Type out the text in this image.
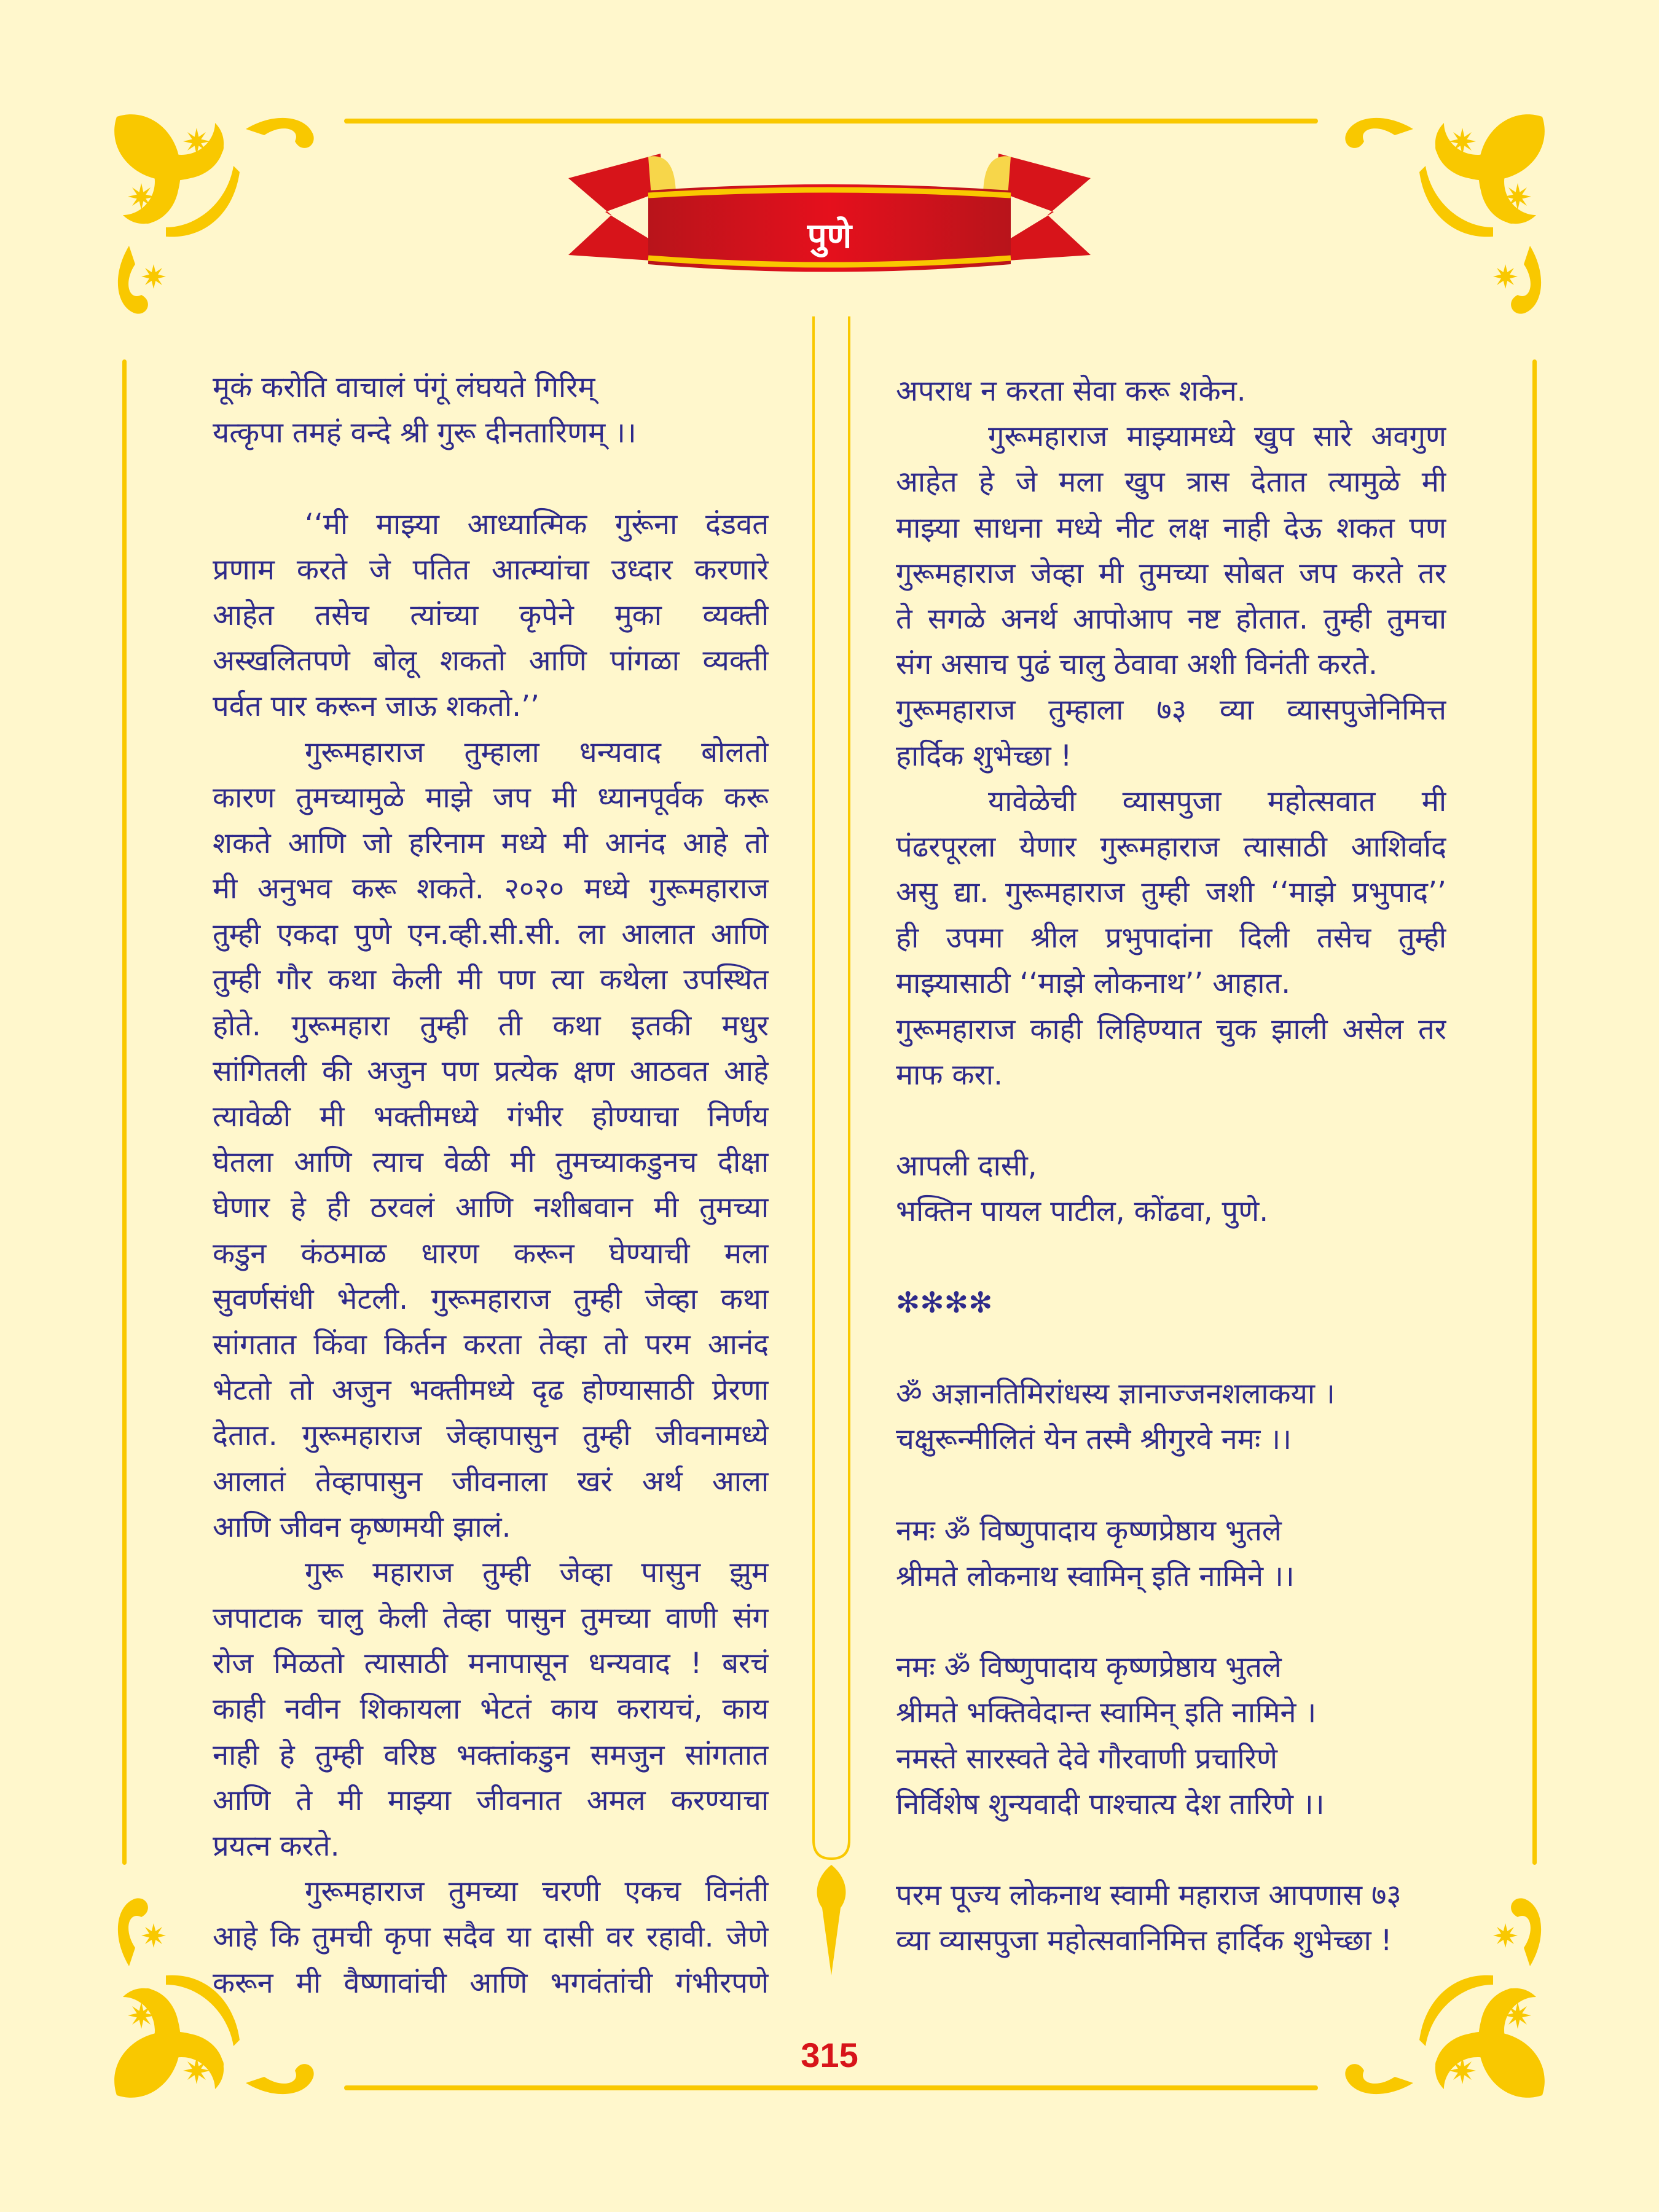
पुणे
मूकं करोति वाचालं पंगूं लंघयते गिरिम्
यत्कृपा तमहं वन्दे श्री गुरू दीनतारिणम् ।।
‘‘मी माझ्या आध्यात्मिक गुरूंना दंडवत
प्रणाम करते जे पतित आत्म्यांचा उध्दार करणारे
आहेत तसेच त्यांच्या कृपेने मुका व्यक्ती
अस्खलितपणे बोलू शकतो आणि पांगळा व्यक्ती
पर्वत पार करून जाऊ शकतो.’’
गुरूमहाराज तुम्हाला धन्यवाद बोलतो
कारण तुमच्यामुळे माझे जप मी ध्यानपूर्वक करू
शकते आणि जो हरिनाम मध्ये मी आनंद आहे तो
मी अनुभव करू शकते. २०२० मध्ये गुरूमहाराज
तुम्ही एकदा पुणे एन.व्ही.सी.सी. ला आलात आणि
तुम्ही गौर कथा केली मी पण त्या कथेला उपस्थित
होते. गुरूमहारा तुम्ही ती कथा इतकी मधुर
सांगितली की अजुन पण प्रत्येक क्षण आठवत आहे
त्यावेळी मी भक्तीमध्ये गंभीर होण्याचा निर्णय
घेतला आणि त्याच वेळी मी तुमच्याकडुनच दीक्षा
घेणार हे ही ठरवलं आणि नशीबवान मी तुमच्या
कडुन कंठमाळ धारण करून घेण्याची मला
सुवर्णसंधी भेटली. गुरूमहाराज तुम्ही जेव्हा कथा
सांगतात किंवा किर्तन करता तेव्हा तो परम आनंद
भेटतो तो अजुन भक्तीमध्ये दृढ होण्यासाठी प्रेरणा
देतात. गुरूमहाराज जेव्हापासुन तुम्ही जीवनामध्ये
आलातं तेव्हापासुन जीवनाला खरं अर्थ आला
आणि जीवन कृष्णमयी झालं.
गुरू महाराज तुम्ही जेव्हा पासुन झुम
जपाटाक चालु केली तेव्हा पासुन तुमच्या वाणी संग
रोज मिळतो त्यासाठी मनापासून धन्यवाद ! बरचं
काही नवीन शिकायला भेटतं काय करायचं, काय
नाही हे तुम्ही वरिष्ठ भक्तांकडुन समजुन सांगतात
आणि ते मी माझ्या जीवनात अमल करण्याचा
प्रयत्न करते.
गुरूमहाराज तुमच्या चरणी एकच विनंती
आहे कि तुमची कृपा सदैव या दासी वर रहावी. जेणे
करून मी वैष्णावांची आणि भगवंतांची गंभीरपणे
अपराध न करता सेवा करू शकेन.
गुरूमहाराज माझ्यामध्ये खुप सारे अवगुण
आहेत हे जे मला खुप त्रास देतात त्यामुळे मी
माझ्या साधना मध्ये नीट लक्ष नाही देऊ शकत पण
गुरूमहाराज जेव्हा मी तुमच्या सोबत जप करते तर
ते सगळे अनर्थ आपोआप नष्ट होतात. तुम्ही तुमचा
संग असाच पुढं चालु ठेवावा अशी विनंती करते.
गुरूमहाराज तुम्हाला ७३ व्या व्यासपुजेनिमित्त
हार्दिक शुभेच्छा !
यावेळेची व्यासपुजा महोत्सवात मी
पंढरपूरला येणार गुरूमहाराज त्यासाठी आशिर्वाद
असु द्या. गुरूमहाराज तुम्ही जशी ‘‘माझे प्रभुपाद’’
ही उपमा श्रील प्रभुपादांना दिली तसेच तुम्ही
माझ्यासाठी ‘‘माझे लोकनाथ’’ आहात.
गुरूमहाराज काही लिहिण्यात चुक झाली असेल तर
माफ करा.
आपली दासी,
भक्तिन पायल पाटील, कोंढवा, पुणे.
✻✻✻✻
ॐ अज्ञानतिमिरांधस्य ज्ञानाज्जनशलाकया ।
चक्षुरून्मीलितं येन तस्मै श्रीगुरवे नमः ।।
नमः ॐ विष्णुपादाय कृष्णप्रेष्ठाय भुतले
श्रीमते लोकनाथ स्वामिन् इति नामिने ।।
नमः ॐ विष्णुपादाय कृष्णप्रेष्ठाय भुतले
श्रीमते भक्तिवेदान्त स्वामिन् इति नामिने ।
नमस्ते सारस्वते देवे गौरवाणी प्रचारिणे
निर्विशेष शुन्यवादी पाश्चात्य देश तारिणे ।।
परम पूज्य लोकनाथ स्वामी महाराज आपणास ७३
व्या व्यासपुजा महोत्सवानिमित्त हार्दिक शुभेच्छा !
315
